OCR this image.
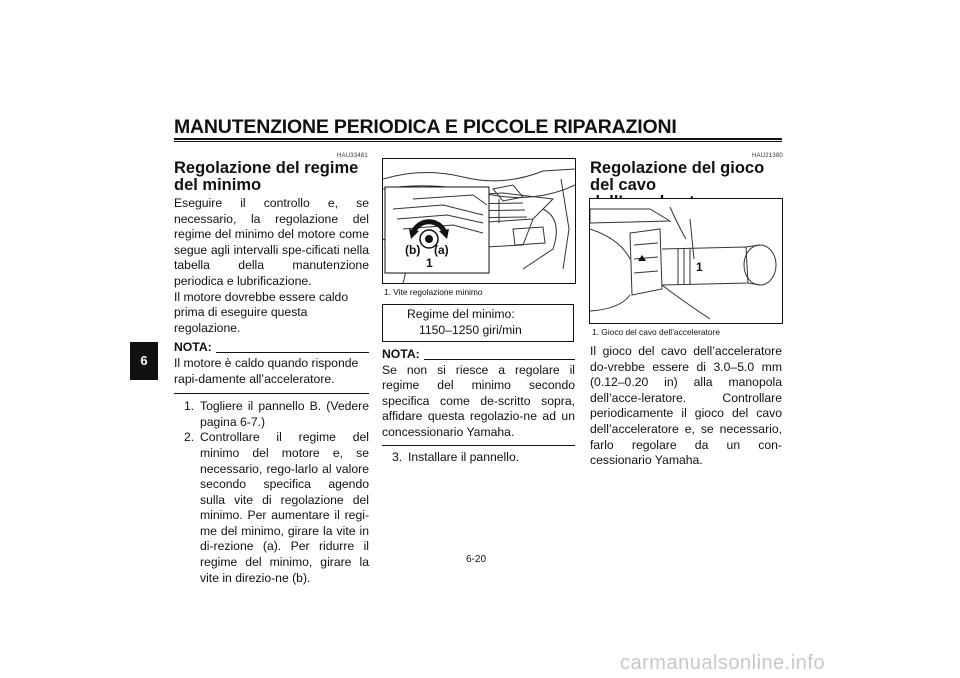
MANUTENZIONE PERIODICA E PICCOLE RIPARAZIONI
6
HAU33481
Regolazione del regime del minimo
Eseguire il controllo e, se necessario, la regolazione del regime del minimo del motore come segue agli intervalli spe-cificati nella tabella della manutenzione periodica e lubrificazione.
Il motore dovrebbe essere caldo prima di eseguire questa regolazione.
NOTA:
Il motore è caldo quando risponde rapi-damente all’acceleratore.
1. Togliere il pannello B. (Vedere pagina 6-7.)
2. Controllare il regime del minimo del motore e, se necessario, rego-larlo al valore secondo specifica agendo sulla vite di regolazione del minimo. Per aumentare il regi-me del minimo, girare la vite in di-rezione (a). Per ridurre il regime del minimo, girare la vite in direzio-ne (b).
(b) (a)
1
1. Vite regolazione minimo
Regime del minimo:
1150–1250 giri/min
NOTA:
Se non si riesce a regolare il regime del minimo secondo specifica come de-scritto sopra, affidare questa regolazio-ne ad un concessionario Yamaha.
3. Installare il pannello.
HAU21380
Regolazione del gioco del cavo
1
1. Gioco del cavo dell’acceleratore
Il gioco del cavo dell’acceleratore do-vrebbe essere di 3.0–5.0 mm (0.12–0.20 in) alla manopola dell’acce-leratore. Controllare periodicamente il gioco del cavo dell’acceleratore e, se necessario, farlo regolare da un con-cessionario Yamaha.
6-20
carmanualsonline.info
